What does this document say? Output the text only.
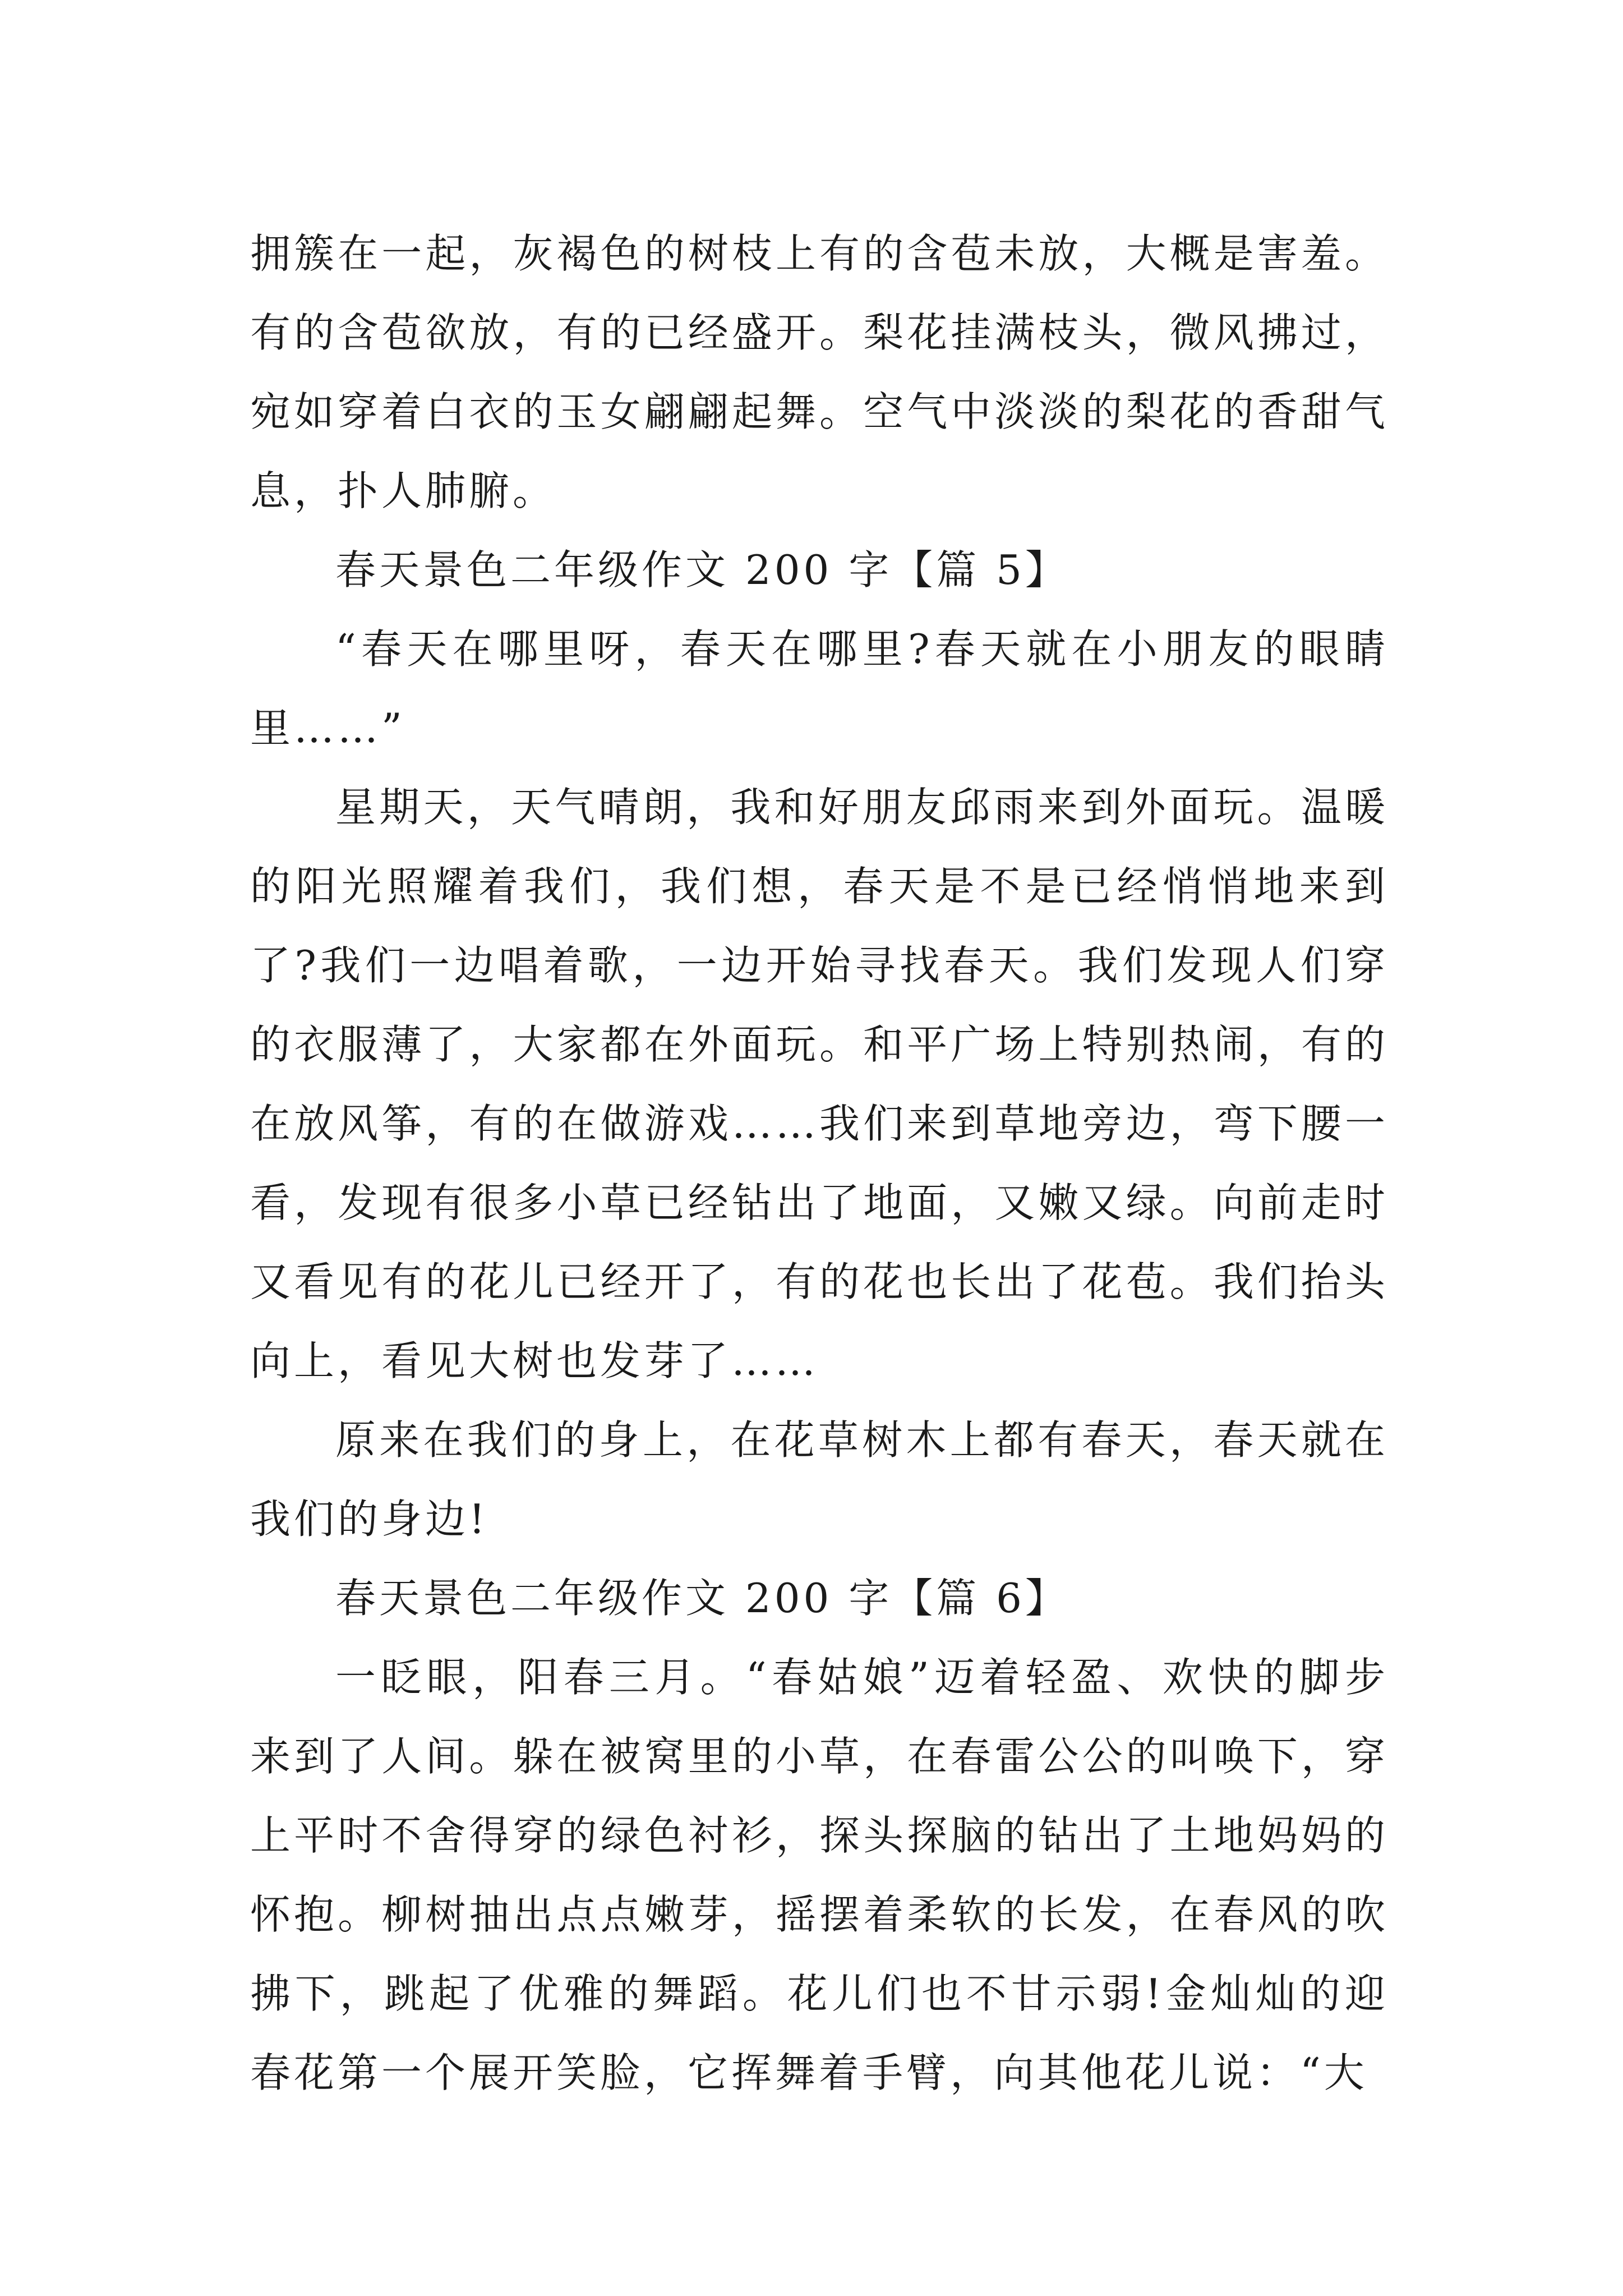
拥簇在一起，灰褐色的树枝上有的含苞未放，大概是害羞。有的含苞欲放，有的已经盛开。梨花挂满枝头，微风拂过，宛如穿着白衣的玉女翩翩起舞。空气中淡淡的梨花的香甜气息，扑人肺腑。

春天景色二年级作文 200 字【篇 5】

“春天在哪里呀，春天在哪里?春天就在小朋友的眼睛里……”

星期天，天气晴朗，我和好朋友邱雨来到外面玩。温暖的阳光照耀着我们，我们想，春天是不是已经悄悄地来到了?我们一边唱着歌，一边开始寻找春天。我们发现人们穿的衣服薄了，大家都在外面玩。和平广场上特别热闹，有的在放风筝，有的在做游戏……我们来到草地旁边，弯下腰一看，发现有很多小草已经钻出了地面，又嫩又绿。向前走时又看见有的花儿已经开了，有的花也长出了花苞。我们抬头向上，看见大树也发芽了……

原来在我们的身上，在花草树木上都有春天，春天就在我们的身边!

春天景色二年级作文 200 字【篇 6】

一眨眼，阳春三月。“春姑娘”迈着轻盈、欢快的脚步来到了人间。躲在被窝里的小草，在春雷公公的叫唤下，穿上平时不舍得穿的绿色衬衫，探头探脑的钻出了土地妈妈的怀抱。柳树抽出点点嫩芽，摇摆着柔软的长发，在春风的吹拂下，跳起了优雅的舞蹈。花儿们也不甘示弱!金灿灿的迎春花第一个展开笑脸，它挥舞着手臂，向其他花儿说：“大
